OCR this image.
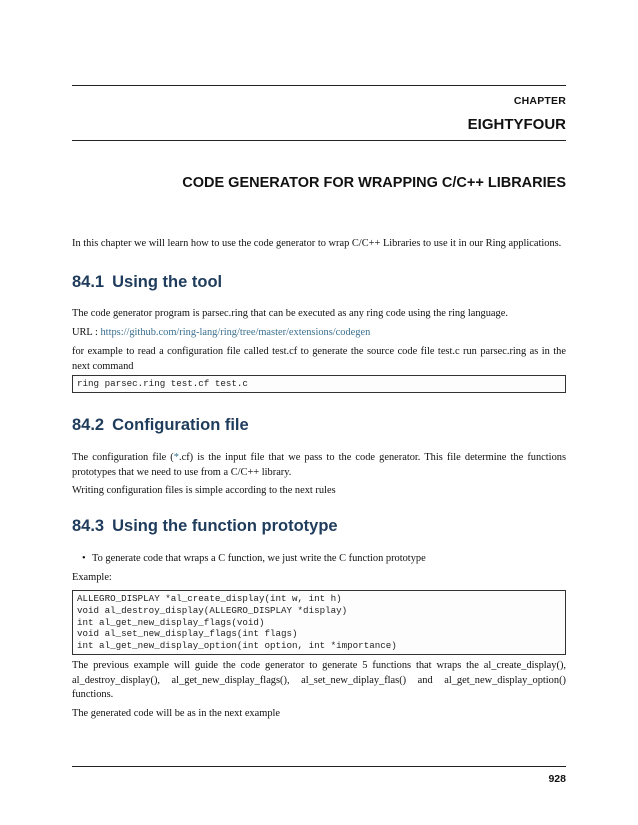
CHAPTER
EIGHTYFOUR
CODE GENERATOR FOR WRAPPING C/C++ LIBRARIES

In this chapter we will learn how to use the code generator to wrap C/C++ Libraries to use it in our Ring applications.

84.1 Using the tool

The code generator program is parsec.ring that can be executed as any ring code using the ring language.

URL : https://github.com/ring-lang/ring/tree/master/extensions/codegen

for example to read a configuration file called test.cf to generate the source code file test.c run parsec.ring as in the next command

ring parsec.ring test.cf test.c
84.2 Configuration file

The configuration file (*.cf) is the input file that we pass to the code generator. This file determine the functions prototypes that we need to use from a C/C++ library.

Writing configuration files is simple according to the next rules

84.3 Using the function prototype
• To generate code that wraps a C function, we just write the C function prototype

Example:

ALLEGRO_DISPLAY *al_create_display(int w, int h)
void al_destroy_display(ALLEGRO_DISPLAY *display)
int al_get_new_display_flags(void)
void al_set_new_display_flags(int flags)
int al_get_new_display_option(int option, int *importance)

The previous example will guide the code generator to generate 5 functions that wraps the al_create_display(), al_destroy_display(), al_get_new_display_flags(), al_set_new_diplay_flas() and al_get_new_display_option() functions.

The generated code will be as in the next example

928
